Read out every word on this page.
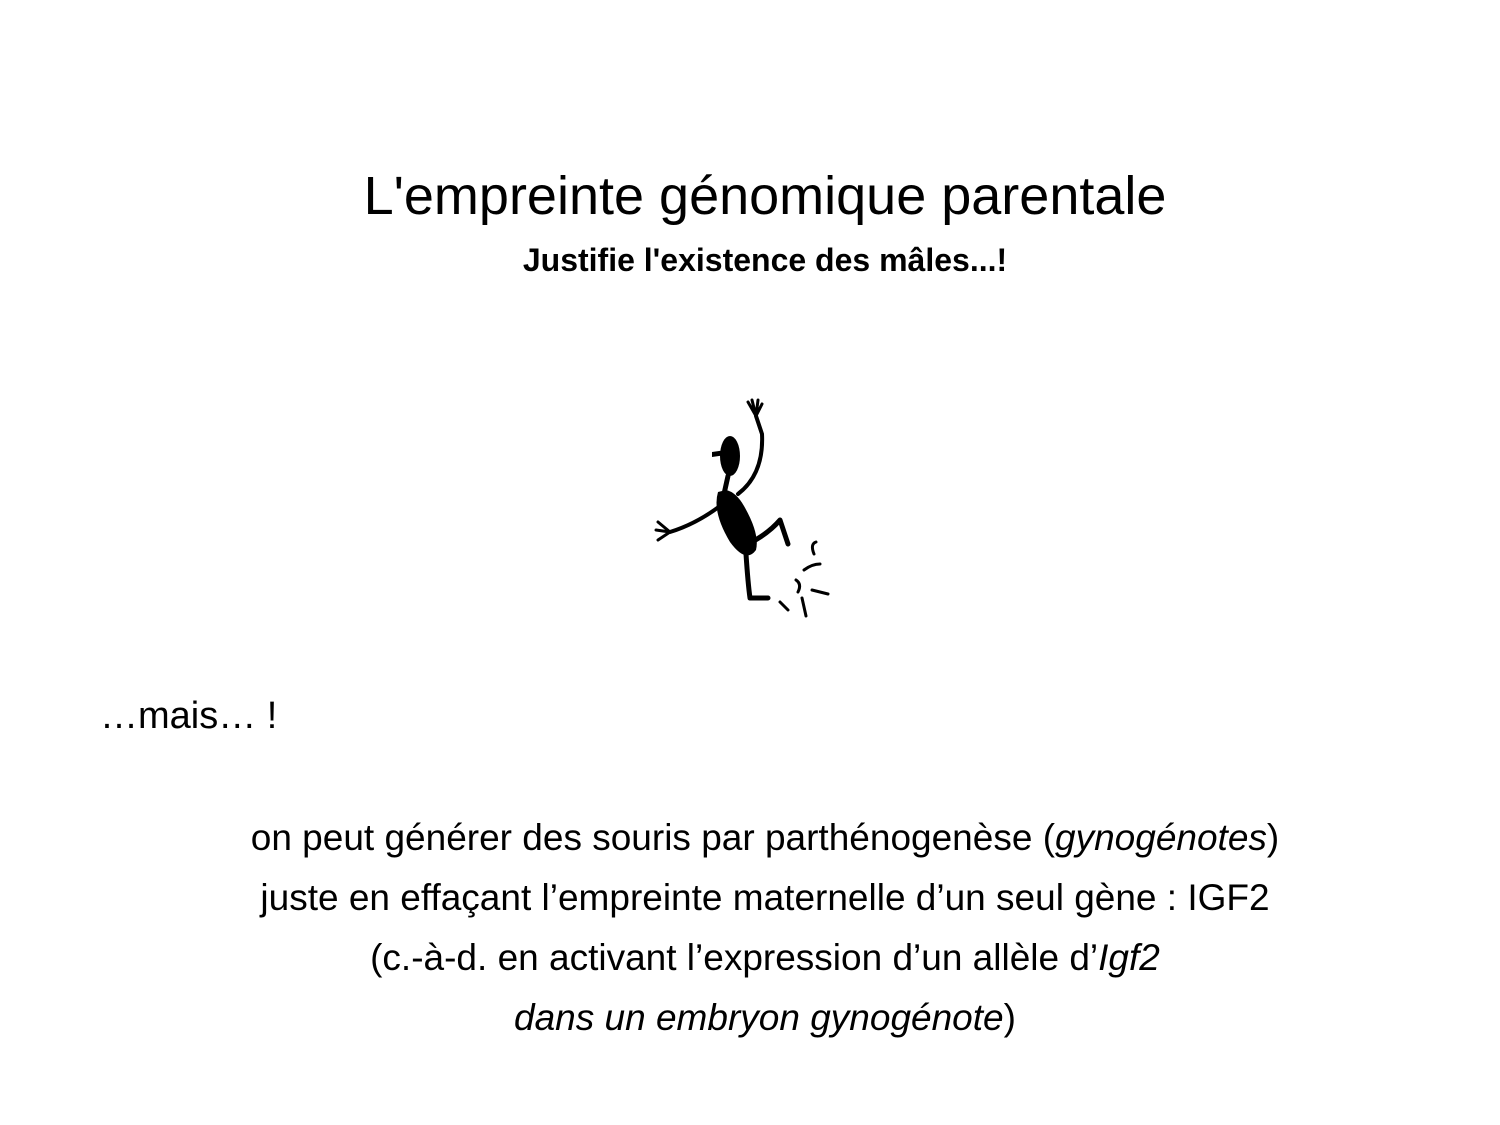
L'empreinte génomique parentale
Justifie l'existence des mâles...!

…mais… !

on peut générer des souris par parthénogenèse (gynogénotes)
juste en effaçant l’empreinte maternelle d’un seul gène : IGF2
(c.-à-d. en activant l’expression d’un allèle d’Igf2
dans un embryon gynogénote)
